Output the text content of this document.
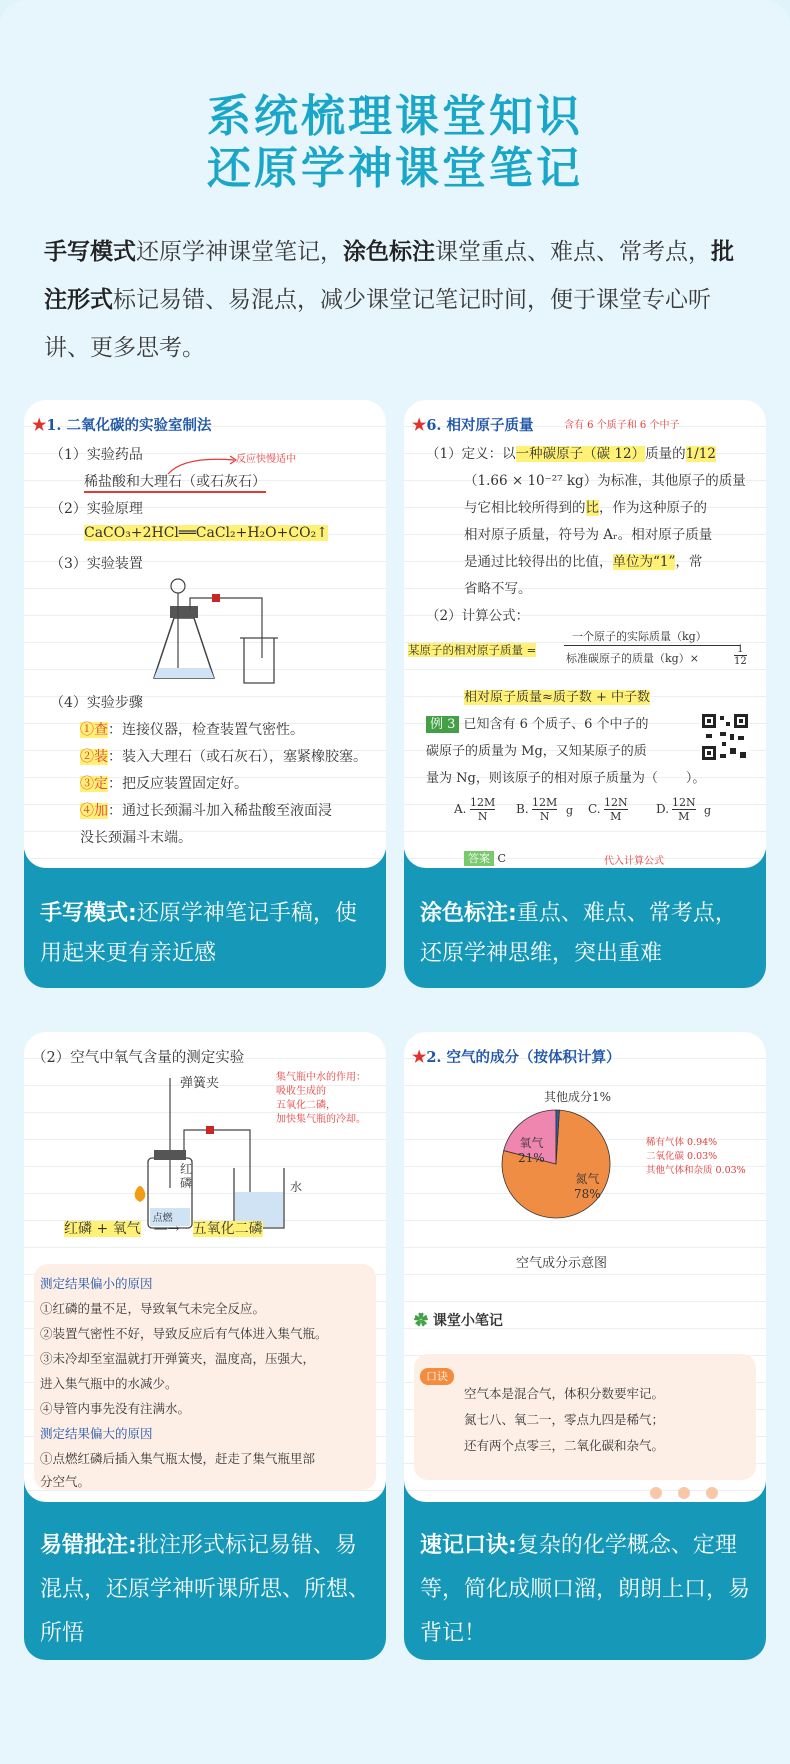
系统梳理课堂知识
还原学神课堂笔记
手写模式还原学神课堂笔记，涂色标注课堂重点、难点、常考点，批注形式标记易错、易混点，减少课堂记笔记时间，便于课堂专心听讲、更多思考。
手写模式:还原学神笔记手稿，使用起来更有亲近感
★1. 二氧化碳的实验室制法
（1）实验药品
稀盐酸和大理石（或石灰石）
反应快慢适中
（2）实验原理
CaCO₃+2HCl══CaCl₂+H₂O+CO₂↑
（3）实验装置
（4）实验步骤
①查：连接仪器，检查装置气密性。
②装：装入大理石（或石灰石），塞紧橡胶塞。
③定：把反应装置固定好。
④加：通过长颈漏斗加入稀盐酸至液面浸
没长颈漏斗末端。
涂色标注:重点、难点、常考点，还原学神思维，突出重难
★6. 相对原子质量	含有 6 个质子和 6 个中子
（1）定义：以一种碳原子（碳 12）质量的1/12
（1.66 × 10⁻²⁷ kg）为标准，其他原子的质量
与它相比较所得到的比，作为这种原子的
相对原子质量，符号为 Aᵣ。相对原子质量
是通过比较得出的比值，单位为“1”，常
省略不写。
（2）计算公式：
某原子的相对原子质量 =
一个原子的实际质量（kg）
标准碳原子的质量（kg）×
1
12
相对原子质量≈质子数 + 中子数
例 3 已知含有 6 个质子、6 个中子的
碳原子的质量为 Mg，又知某原子的质
量为 Ng，则该原子的相对原子质量为（ ）。
A. $\frac{12M}{N} B$. $\frac{12M}{N}$ g C. $\frac{12N}{M} D$. $\frac{12N}{M}$ g
答案 C	代入计算公式
易错批注:批注形式标记易错、易混点，还原学神听课所思、所想、所悟
（2）空气中氧气含量的测定实验
弹簧夹
红磷	水
集气瓶中水的作用：
吸收生成的
五氧化二磷，
加快集气瓶的冷却。
红磷 + 氧气
点燃
—→ 五氧化二磷
测定结果偏小的原因
①红磷的量不足，导致氧气未完全反应。
②装置气密性不好，导致反应后有气体进入集气瓶。
③未冷却至室温就打开弹簧夹，温度高，压强大，
进入集气瓶中的水减少。
④导管内事先没有注满水。
测定结果偏大的原因
①点燃红磷后插入集气瓶太慢，赶走了集气瓶里部
分空气。
速记口诀:复杂的化学概念、定理等，简化成顺口溜，朗朗上口，易背记！
★2. 空气的成分（按体积计算）
其他成分1%
氧气
21%
氮气
78%
稀有气体 0.94%
二氧化碳 0.03%
其他气体和杂质 0.03%
空气成分示意图
✿ 课堂小笔记
口诀
空气本是混合气，体积分数要牢记。
氮七八、氧二一，零点九四是稀气；
还有两个点零三，二氧化碳和杂气。
